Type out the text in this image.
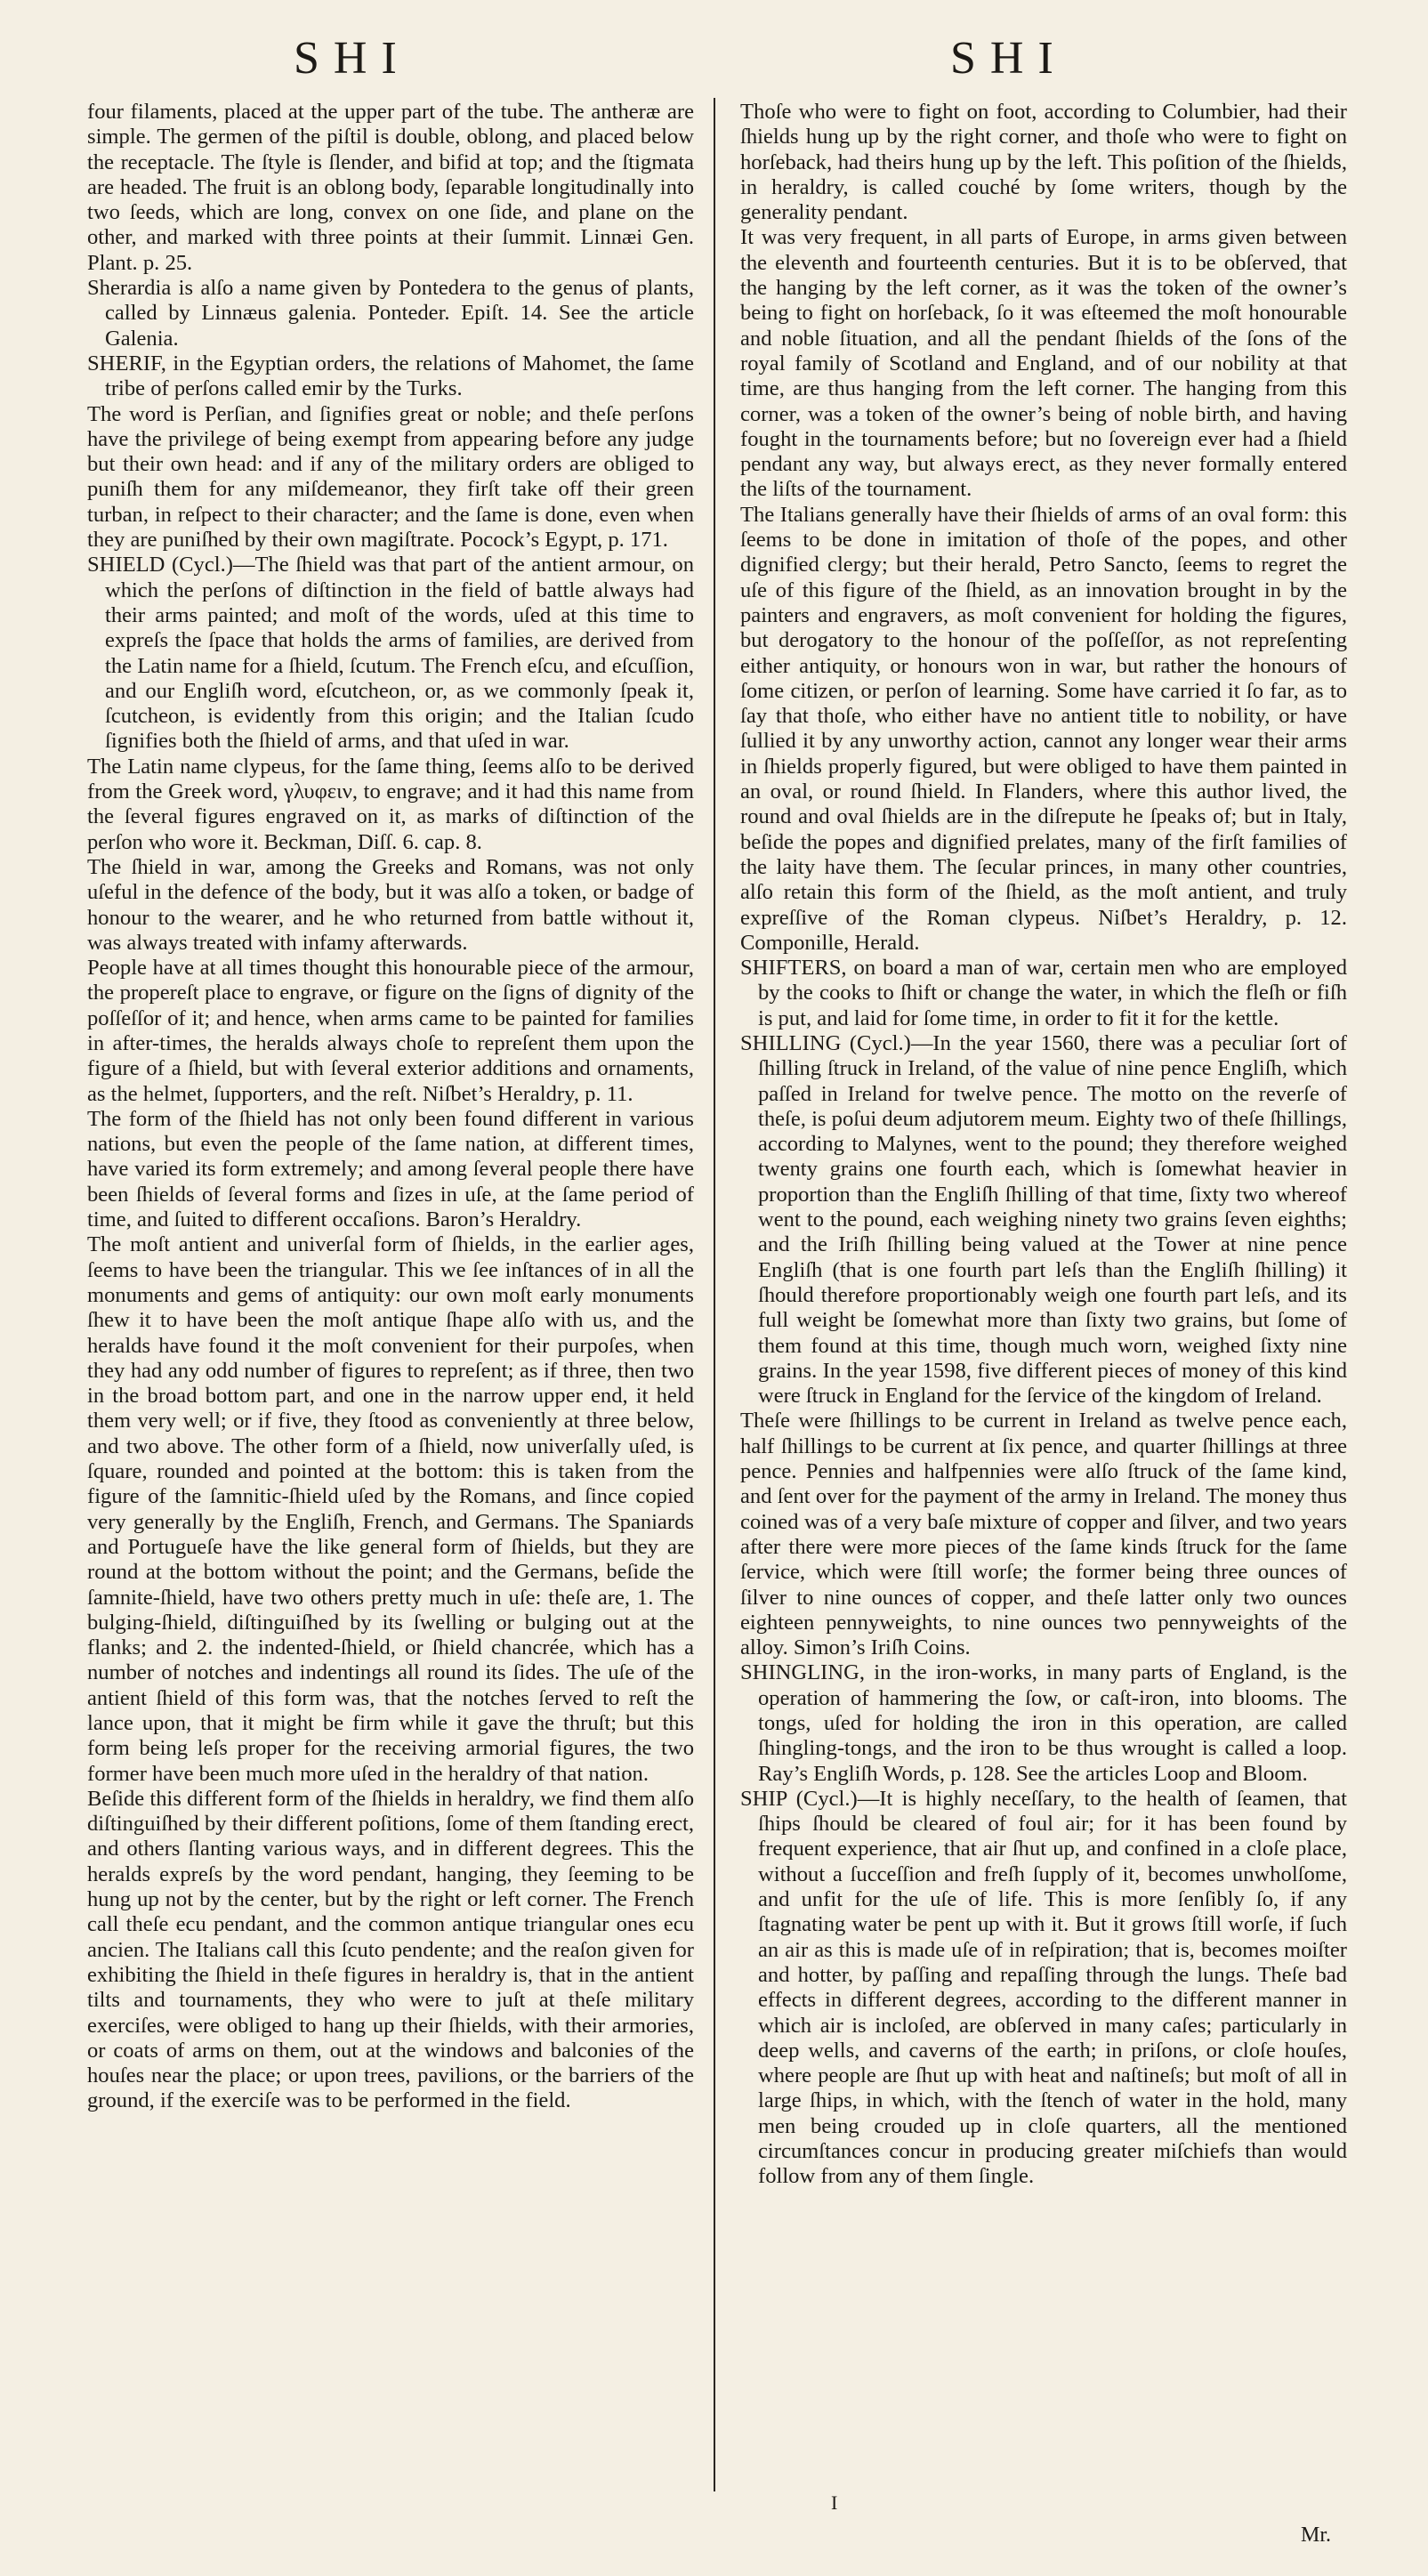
SHI	SHI

four filaments, placed at the upper part of the tube. The antheræ are simple. The germen of the piſtil is double, oblong, and placed below the receptacle. The ſtyle is ſlender, and bifid at top; and the ſtigmata are headed. The fruit is an oblong body, ſeparable longitudinally into two ſeeds, which are long, convex on one ſide, and plane on the other, and marked with three points at their ſummit. Linnæi Gen. Plant. p. 25.

Sherardia is alſo a name given by Pontedera to the genus of plants, called by Linnæus galenia. Ponteder. Epiſt. 14. See the article Galenia.

SHERIF, in the Egyptian orders, the relations of Mahomet, the ſame tribe of perſons called emir by the Turks.

The word is Perſian, and ſignifies great or noble; and theſe perſons have the privilege of being exempt from appearing before any judge but their own head: and if any of the military orders are obliged to puniſh them for any miſdemeanor, they firſt take off their green turban, in reſpect to their character; and the ſame is done, even when they are puniſhed by their own magiſtrate. Pocock’s Egypt, p. 171.

SHIELD (Cycl.)—The ſhield was that part of the antient armour, on which the perſons of diſtinction in the field of battle always had their arms painted; and moſt of the words, uſed at this time to expreſs the ſpace that holds the arms of families, are derived from the Latin name for a ſhield, ſcutum. The French eſcu, and eſcuſſion, and our Engliſh word, eſcutcheon, or, as we commonly ſpeak it, ſcutcheon, is evidently from this origin; and the Italian ſcudo ſignifies both the ſhield of arms, and that uſed in war.

The Latin name clypeus, for the ſame thing, ſeems alſo to be derived from the Greek word, γλυφειν, to engrave; and it had this name from the ſeveral figures engraved on it, as marks of diſtinction of the perſon who wore it. Beckman, Diſſ. 6. cap. 8.

The ſhield in war, among the Greeks and Romans, was not only uſeful in the defence of the body, but it was alſo a token, or badge of honour to the wearer, and he who returned from battle without it, was always treated with infamy afterwards.

People have at all times thought this honourable piece of the armour, the propereſt place to engrave, or figure on the ſigns of dignity of the poſſeſſor of it; and hence, when arms came to be painted for families in after-times, the heralds always choſe to repreſent them upon the figure of a ſhield, but with ſeveral exterior additions and ornaments, as the helmet, ſupporters, and the reſt. Niſbet’s Heraldry, p. 11.

The form of the ſhield has not only been found different in various nations, but even the people of the ſame nation, at different times, have varied its form extremely; and among ſeveral people there have been ſhields of ſeveral forms and ſizes in uſe, at the ſame period of time, and ſuited to different occaſions. Baron’s Heraldry.

The moſt antient and univerſal form of ſhields, in the earlier ages, ſeems to have been the triangular. This we ſee inſtances of in all the monuments and gems of antiquity: our own moſt early monuments ſhew it to have been the moſt antique ſhape alſo with us, and the heralds have found it the moſt convenient for their purpoſes, when they had any odd number of figures to repreſent; as if three, then two in the broad bottom part, and one in the narrow upper end, it held them very well; or if five, they ſtood as conveniently at three below, and two above. The other form of a ſhield, now univerſally uſed, is ſquare, rounded and pointed at the bottom: this is taken from the figure of the ſamnitic-ſhield uſed by the Romans, and ſince copied very generally by the Engliſh, French, and Germans. The Spaniards and Portugueſe have the like general form of ſhields, but they are round at the bottom without the point; and the Germans, beſide the ſamnite-ſhield, have two others pretty much in uſe: theſe are, 1. The bulging-ſhield, diſtinguiſhed by its ſwelling or bulging out at the flanks; and 2. the indented-ſhield, or ſhield chancrée, which has a number of notches and indentings all round its ſides. The uſe of the antient ſhield of this form was, that the notches ſerved to reſt the lance upon, that it might be firm while it gave the thruſt; but this form being leſs proper for the receiving armorial figures, the two former have been much more uſed in the heraldry of that nation.

Beſide this different form of the ſhields in heraldry, we find them alſo diſtinguiſhed by their different poſitions, ſome of them ſtanding erect, and others ſlanting various ways, and in different degrees. This the heralds expreſs by the word pendant, hanging, they ſeeming to be hung up not by the center, but by the right or left corner. The French call theſe ecu pendant, and the common antique triangular ones ecu ancien. The Italians call this ſcuto pendente; and the reaſon given for exhibiting the ſhield in theſe figures in heraldry is, that in the antient tilts and tournaments, they who were to juſt at theſe military exerciſes, were obliged to hang up their ſhields, with their armories, or coats of arms on them, out at the windows and balconies of the houſes near the place; or upon trees, pavilions, or the barriers of the ground, if the exerciſe was to be performed in the field.

Thoſe who were to fight on foot, according to Columbier, had their ſhields hung up by the right corner, and thoſe who were to fight on horſeback, had theirs hung up by the left. This poſition of the ſhields, in heraldry, is called couché by ſome writers, though by the generality pendant.

It was very frequent, in all parts of Europe, in arms given between the eleventh and fourteenth centuries. But it is to be obſerved, that the hanging by the left corner, as it was the token of the owner’s being to fight on horſeback, ſo it was eſteemed the moſt honourable and noble ſituation, and all the pendant ſhields of the ſons of the royal family of Scotland and England, and of our nobility at that time, are thus hanging from the left corner. The hanging from this corner, was a token of the owner’s being of noble birth, and having fought in the tournaments before; but no ſovereign ever had a ſhield pendant any way, but always erect, as they never formally entered the liſts of the tournament.

The Italians generally have their ſhields of arms of an oval form: this ſeems to be done in imitation of thoſe of the popes, and other dignified clergy; but their herald, Petro Sancto, ſeems to regret the uſe of this figure of the ſhield, as an innovation brought in by the painters and engravers, as moſt convenient for holding the figures, but derogatory to the honour of the poſſeſſor, as not repreſenting either antiquity, or honours won in war, but rather the honours of ſome citizen, or perſon of learning. Some have carried it ſo far, as to ſay that thoſe, who either have no antient title to nobility, or have ſullied it by any unworthy action, cannot any longer wear their arms in ſhields properly figured, but were obliged to have them painted in an oval, or round ſhield. In Flanders, where this author lived, the round and oval ſhields are in the diſrepute he ſpeaks of; but in Italy, beſide the popes and dignified prelates, many of the firſt families of the laity have them. The ſecular princes, in many other countries, alſo retain this form of the ſhield, as the moſt antient, and truly expreſſive of the Roman clypeus. Niſbet’s Heraldry, p. 12. Componille, Herald.

SHIFTERS, on board a man of war, certain men who are employed by the cooks to ſhift or change the water, in which the fleſh or fiſh is put, and laid for ſome time, in order to fit it for the kettle.

SHILLING (Cycl.)—In the year 1560, there was a peculiar ſort of ſhilling ſtruck in Ireland, of the value of nine pence Engliſh, which paſſed in Ireland for twelve pence. The motto on the reverſe of theſe, is poſui deum adjutorem meum. Eighty two of theſe ſhillings, according to Malynes, went to the pound; they therefore weighed twenty grains one fourth each, which is ſomewhat heavier in proportion than the Engliſh ſhilling of that time, ſixty two whereof went to the pound, each weighing ninety two grains ſeven eighths; and the Iriſh ſhilling being valued at the Tower at nine pence Engliſh (that is one fourth part leſs than the Engliſh ſhilling) it ſhould therefore proportionably weigh one fourth part leſs, and its full weight be ſomewhat more than ſixty two grains, but ſome of them found at this time, though much worn, weighed ſixty nine grains. In the year 1598, five different pieces of money of this kind were ſtruck in England for the ſervice of the kingdom of Ireland.

Theſe were ſhillings to be current in Ireland as twelve pence each, half ſhillings to be current at ſix pence, and quarter ſhillings at three pence. Pennies and halfpennies were alſo ſtruck of the ſame kind, and ſent over for the payment of the army in Ireland. The money thus coined was of a very baſe mixture of copper and ſilver, and two years after there were more pieces of the ſame kinds ſtruck for the ſame ſervice, which were ſtill worſe; the former being three ounces of ſilver to nine ounces of copper, and theſe latter only two ounces eighteen pennyweights, to nine ounces two pennyweights of the alloy. Simon’s Iriſh Coins.

SHINGLING, in the iron-works, in many parts of England, is the operation of hammering the ſow, or caſt-iron, into blooms. The tongs, uſed for holding the iron in this operation, are called ſhingling-tongs, and the iron to be thus wrought is called a loop. Ray’s Engliſh Words, p. 128. See the articles Loop and Bloom.

SHIP (Cycl.)—It is highly neceſſary, to the health of ſeamen, that ſhips ſhould be cleared of foul air; for it has been found by frequent experience, that air ſhut up, and confined in a cloſe place, without a ſucceſſion and freſh ſupply of it, becomes unwholſome, and unfit for the uſe of life. This is more ſenſibly ſo, if any ſtagnating water be pent up with it. But it grows ſtill worſe, if ſuch an air as this is made uſe of in reſpiration; that is, becomes moiſter and hotter, by paſſing and repaſſing through the lungs. Theſe bad effects in different degrees, according to the different manner in which air is incloſed, are obſerved in many caſes; particularly in deep wells, and caverns of the earth; in priſons, or cloſe houſes, where people are ſhut up with heat and naſtineſs; but moſt of all in large ſhips, in which, with the ſtench of water in the hold, many men being crouded up in cloſe quarters, all the mentioned circumſtances concur in producing greater miſchiefs than would follow from any of them ſingle.

I
Mr.
